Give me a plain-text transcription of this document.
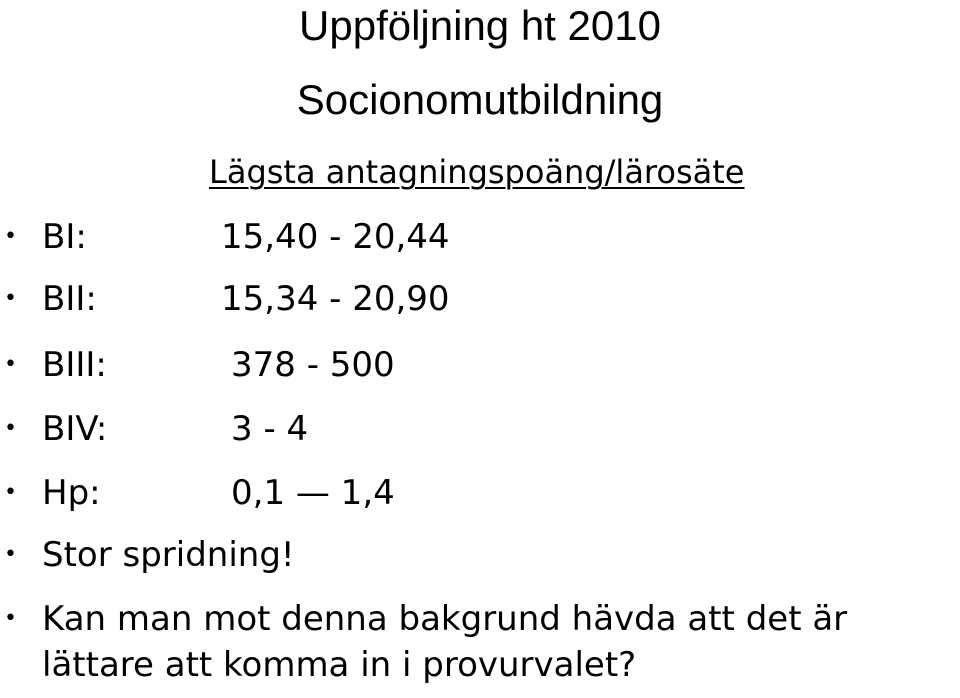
Uppföljning ht 2010
Socionomutbildning
Lägsta antagningspoäng/lärosäte
• BI:	15,40 - 20,44
• BII:	15,34 - 20,90
• BIII:	378 - 500
• BIV:	3 - 4
• Hp:	0,1 — 1,4
• Stor spridning!
• Kan man mot denna bakgrund hävda att det är
lättare att komma in i provurvalet?
